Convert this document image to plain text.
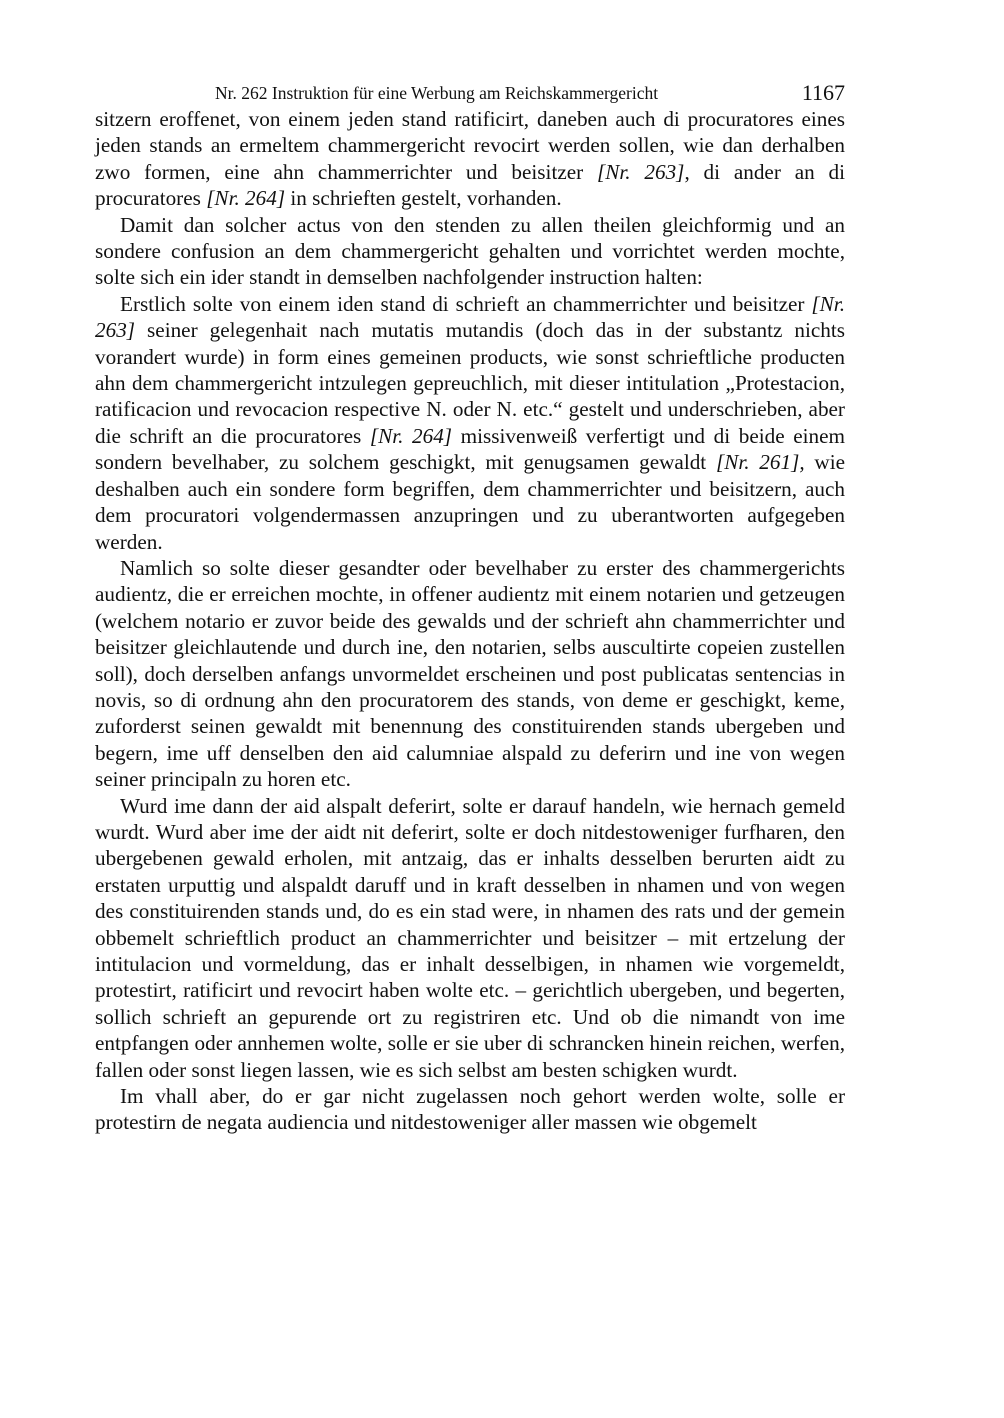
Nr. 262 Instruktion für eine Werbung am Reichskammergericht	1167

sitzern eroffenet, von einem jeden stand ratificirt, daneben auch di procuratores eines jeden stands an ermeltem chammergericht revocirt werden sollen, wie dan derhalben zwo formen, eine ahn chammerrichter und beisitzer [Nr. 263], di ander an di procuratores [Nr. 264] in schrieften gestelt, vorhanden.

Damit dan solcher actus von den stenden zu allen theilen gleichformig und an sondere confusion an dem chammergericht gehalten und vorrichtet werden mochte, solte sich ein ider standt in demselben nachfolgender instruction halten:

Erstlich solte von einem iden stand di schrieft an chammerrichter und beisitzer [Nr. 263] seiner gelegenhait nach mutatis mutandis (doch das in der substantz nichts vorandert wurde) in form eines gemeinen products, wie sonst schrieftliche producten ahn dem chammergericht intzulegen gepreuchlich, mit dieser intitulation „Protestacion, ratificacion und revocacion respective N. oder N. etc.“ gestelt und underschrieben, aber die schrift an die procuratores [Nr. 264] missivenweiß verfertigt und di beide einem sondern bevelhaber, zu solchem geschigkt, mit genugsamen gewaldt [Nr. 261], wie deshalben auch ein sondere form begriffen, dem chammerrichter und beisitzern, auch dem procuratori volgendermassen anzupringen und zu uberantworten aufgegeben werden.

Namlich so solte dieser gesandter oder bevelhaber zu erster des chammergerichts audientz, die er erreichen mochte, in offener audientz mit einem notarien und getzeugen (welchem notario er zuvor beide des gewalds und der schrieft ahn chammerrichter und beisitzer gleichlautende und durch ine, den notarien, selbs auscultirte copeien zustellen soll), doch derselben anfangs unvormeldet erscheinen und post publicatas sentencias in novis, so di ordnung ahn den procuratorem des stands, von deme er geschigkt, keme, zuforderst seinen gewaldt mit benennung des constituirenden stands ubergeben und begern, ime uff denselben den aid calumniae alspald zu deferirn und ine von wegen seiner principaln zu horen etc.

Wurd ime dann der aid alspalt deferirt, solte er darauf handeln, wie hernach gemeld wurdt. Wurd aber ime der aidt nit deferirt, solte er doch nitdestoweniger furfharen, den ubergebenen gewald erholen, mit antzaig, das er inhalts desselben berurten aidt zu erstaten urputtig und alspaldt daruff und in kraft desselben in nhamen und von wegen des constituirenden stands und, do es ein stad were, in nhamen des rats und der gemein obbemelt schrieftlich product an chammerrichter und beisitzer – mit ertzelung der intitulacion und vormeldung, das er inhalt desselbigen, in nhamen wie vorgemeldt, protestirt, ratificirt und revocirt haben wolte etc. – gerichtlich ubergeben, und begerten, sollich schrieft an gepurende ort zu registriren etc. Und ob die nimandt von ime entpfangen oder annhemen wolte, solle er sie uber di schrancken hinein reichen, werfen, fallen oder sonst liegen lassen, wie es sich selbst am besten schigken wurdt.

Im vhall aber, do er gar nicht zugelassen noch gehort werden wolte, solle er protestirn de negata audiencia und nitdestoweniger aller massen wie obgemelt
